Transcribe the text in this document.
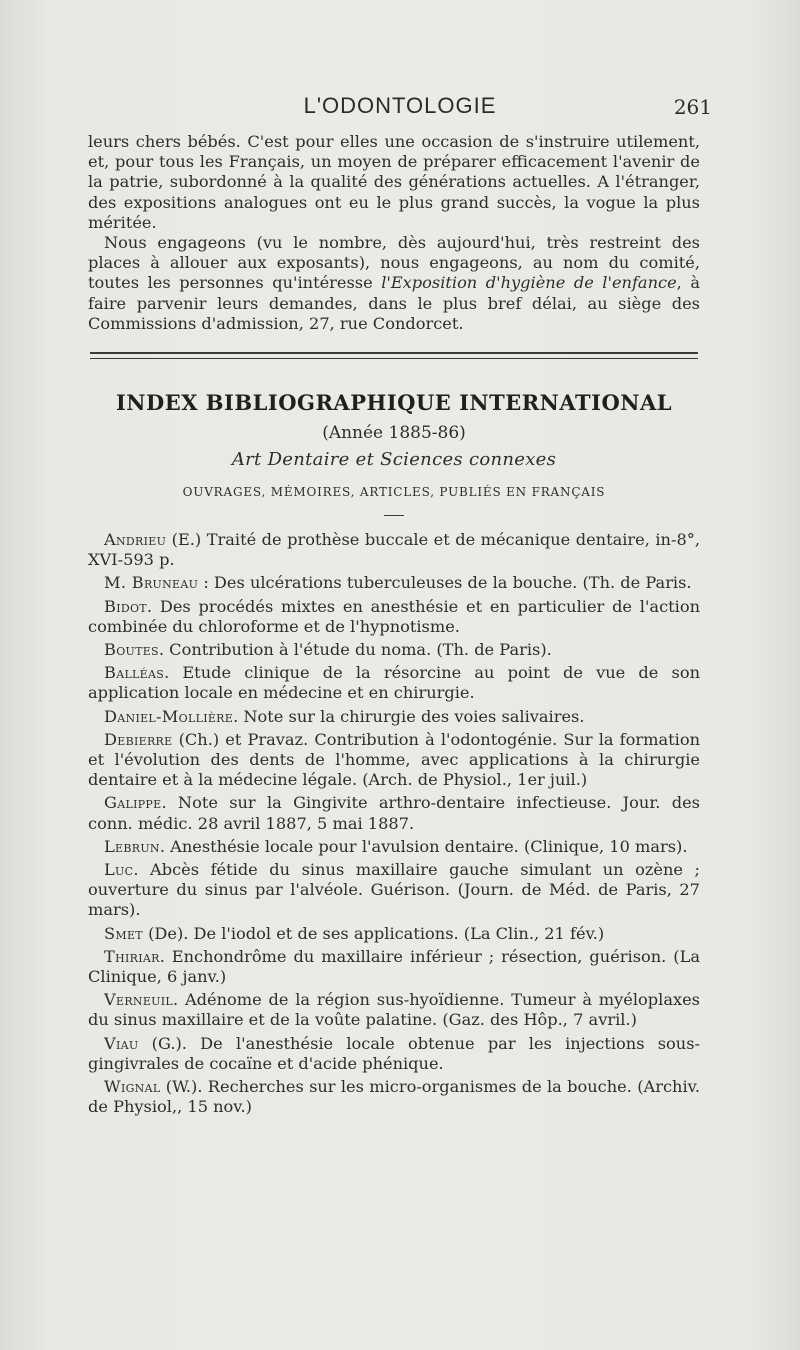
L'ODONTOLOGIE	261

leurs chers bébés. C'est pour elles une occasion de s'instruire utilement, et, pour tous les Français, un moyen de préparer efficacement l'avenir de la patrie, subordonné à la qualité des générations actuelles. A l'étranger, des expositions analogues ont eu le plus grand succès, la vogue la plus méritée.

Nous engageons (vu le nombre, dès aujourd'hui, très restreint des places à allouer aux exposants), nous engageons, au nom du comité, toutes les personnes qu'intéresse l'Exposition d'hygiène de l'enfance, à faire parvenir leurs demandes, dans le plus bref délai, au siège des Commissions d'admission, 27, rue Condorcet.

INDEX BIBLIOGRAPHIQUE INTERNATIONAL
(Année 1885-86)
Art Dentaire et Sciences connexes
OUVRAGES, MÉMOIRES, ARTICLES, PUBLIÉS EN FRANÇAIS

Andrieu (E.) Traité de prothèse buccale et de mécanique dentaire, in-8°, XVI-593 p.

M. Bruneau : Des ulcérations tuberculeuses de la bouche. (Th. de Paris.

Bidot. Des procédés mixtes en anesthésie et en particulier de l'action combinée du chloroforme et de l'hypnotisme.

Boutes. Contribution à l'étude du noma. (Th. de Paris).

Balléas. Etude clinique de la résorcine au point de vue de son application locale en médecine et en chirurgie.

Daniel-Mollière. Note sur la chirurgie des voies salivaires.

Debierre (Ch.) et Pravaz. Contribution à l'odontogénie. Sur la formation et l'évolution des dents de l'homme, avec applications à la chirurgie dentaire et à la médecine légale. (Arch. de Physiol., 1er juil.)

Galippe. Note sur la Gingivite arthro-dentaire infectieuse. Jour. des conn. médic. 28 avril 1887, 5 mai 1887.

Lebrun. Anesthésie locale pour l'avulsion dentaire. (Clinique, 10 mars).

Luc. Abcès fétide du sinus maxillaire gauche simulant un ozène ; ouverture du sinus par l'alvéole. Guérison. (Journ. de Méd. de Paris, 27 mars).

Smet (De). De l'iodol et de ses applications. (La Clin., 21 fév.)

Thiriar. Enchondrôme du maxillaire inférieur ; résection, guérison. (La Clinique, 6 janv.)

Verneuil. Adénome de la région sus-hyoïdienne. Tumeur à myéloplaxes du sinus maxillaire et de la voûte palatine. (Gaz. des Hôp., 7 avril.)

Viau (G.). De l'anesthésie locale obtenue par les injections sous-gingivrales de cocaïne et d'acide phénique.

Wignal (W.). Recherches sur les micro-organismes de la bouche. (Archiv. de Physiol,, 15 nov.)
